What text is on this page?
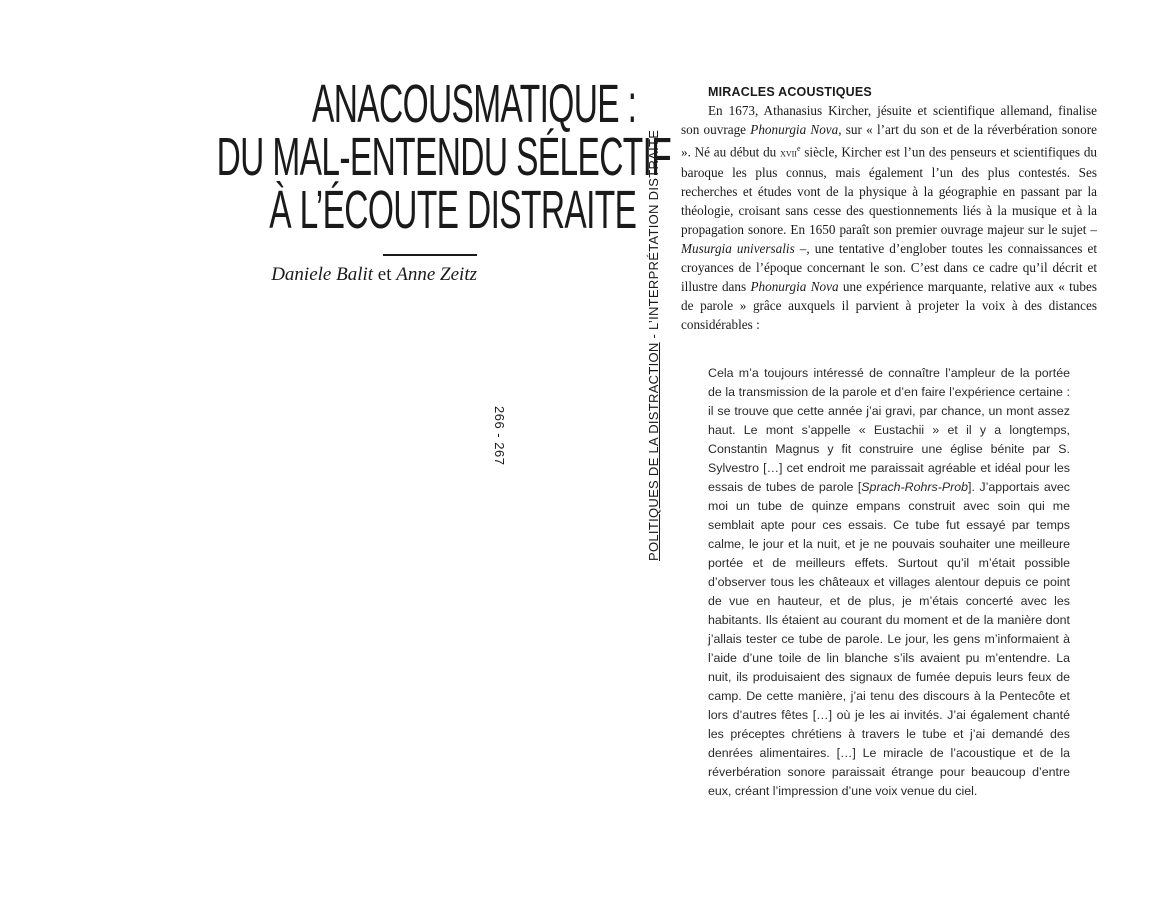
ANACOUSMATIQUE :
DU MAL-ENTENDU SÉLECTIF
À L’ÉCOUTE DISTRAITE
Daniele Balit et Anne Zeitz
266 - 267	POLITIQUES DE LA DISTRACTION - L’INTERPRÉTATION DISTRAITE
MIRACLES ACOUSTIQUES

En 1673, Athanasius Kircher, jésuite et scientifique allemand, finalise son ouvrage Phonurgia Nova, sur « l’art du son et de la réverbération sonore ». Né au début du xvii$^e$ siècle, Kircher est l’un des penseurs et scientifiques du baroque les plus connus, mais également l’un des plus contestés. Ses recherches et études vont de la physique à la géographie en passant par la théologie, croisant sans cesse des questionnements liés à la musique et à la propagation sonore. En 1650 paraît son premier ouvrage majeur sur le sujet – Musurgia universalis –, une tentative d’englober toutes les connaissances et croyances de l’époque concernant le son. C’est dans ce cadre qu’il décrit et illustre dans Phonurgia Nova une expérience marquante, relative aux « tubes de parole » grâce auxquels il parvient à projeter la voix à des distances considérables :

Cela m’a toujours intéressé de connaître l’ampleur de la portée de la transmission de la parole et d’en faire l’expérience certaine : il se trouve que cette année j’ai gravi, par chance, un mont assez haut. Le mont s’appelle « Eustachii » et il y a longtemps, Constantin Magnus y fit construire une église bénite par S. Sylvestro […] cet endroit me paraissait agréable et idéal pour les essais de tubes de parole [Sprach-Rohrs-Prob]. J’apportais avec moi un tube de quinze empans construit avec soin qui me semblait apte pour ces essais. Ce tube fut essayé par temps calme, le jour et la nuit, et je ne pouvais souhaiter une meilleure portée et de meilleurs effets. Surtout qu’il m’était possible d’observer tous les châteaux et villages alentour depuis ce point de vue en hauteur, et de plus, je m’étais concerté avec les habitants. Ils étaient au courant du moment et de la manière dont j’allais tester ce tube de parole. Le jour, les gens m’informaient à l’aide d’une toile de lin blanche s’ils avaient pu m’entendre. La nuit, ils produisaient des signaux de fumée depuis leurs feux de camp. De cette manière, j’ai tenu des discours à la Pentecôte et lors d’autres fêtes […] où je les ai invités. J’ai également chanté les préceptes chrétiens à travers le tube et j’ai demandé des denrées alimentaires. […] Le miracle de l’acoustique et de la réverbération sonore paraissait étrange pour beaucoup d’entre eux, créant l’impression d’une voix venue du ciel.
